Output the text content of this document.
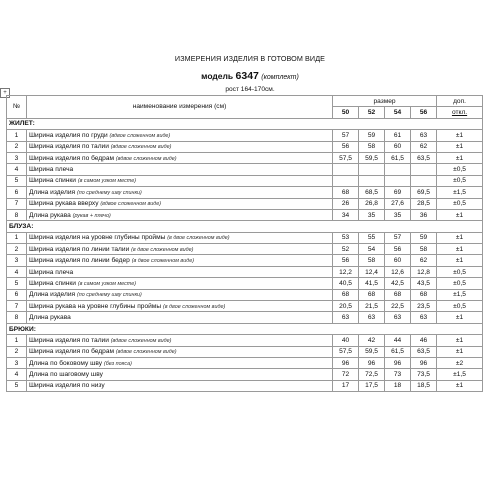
+
ИЗМЕРЕНИЯ ИЗДЕЛИЯ В ГОТОВОМ ВИДЕ
модель 6347 (комплект)
рост 164-170см.
№	наименование измерения (см)	размер				доп.
		50	52	54	56	откл.
ЖИЛЕТ:						
1	Ширина изделия по груди (вдвое сложенном виде)	57	59	61	63	±1
2	Ширина изделия по талии (вдвое сложенном виде)	56	58	60	62	±1
3	Ширина изделия по бедрам (вдвое сложенном виде)	57,5	59,5	61,5	63,5	±1
4	Ширина плеча					±0,5
5	Ширина спинки (в самом узком месте)					±0,5
6	Длина изделия (по среднему шву спинки)	68	68,5	69	69,5	±1,5
7	Ширина рукава вверху (вдвое сложенном виде)	26	26,8	27,6	28,5	±0,5
8	Длина рукава (рукав + плечо)	34	35	35	36	±1
БЛУЗА:						
1	Ширина изделия на уровне глубины проймы (в двое сложенном виде)	53	55	57	59	±1
2	Ширина изделия по линии талии (в двое сложенном виде)	52	54	56	58	±1
3	Ширина изделия по линии бедер (в двое сложенном виде)	56	58	60	62	±1
4	Ширина плеча	12,2	12,4	12,6	12,8	±0,5
5	Ширина спинки (в самом узком месте)	40,5	41,5	42,5	43,5	±0,5
6	Длина изделия (по среднему шву спинки)	68	68	68	68	±1,5
7	Ширина рукава на уровне глубины проймы (в двое сложенном виде)	20,5	21,5	22,5	23,5	±0,5
8	Длина рукава	63	63	63	63	±1
БРЮКИ:						
1	Ширина изделия по талии (вдвое сложенном виде)	40	42	44	46	±1
2	Ширина изделия по бедрам (вдвое сложенном виде)	57,5	59,5	61,5	63,5	±1
3	Длина по боковому шву (без пояса)	96	96	96	96	±2
4	Длина по шаговому шву	72	72,5	73	73,5	±1,5
5	Ширина изделия по низу	17	17,5	18	18,5	±1
